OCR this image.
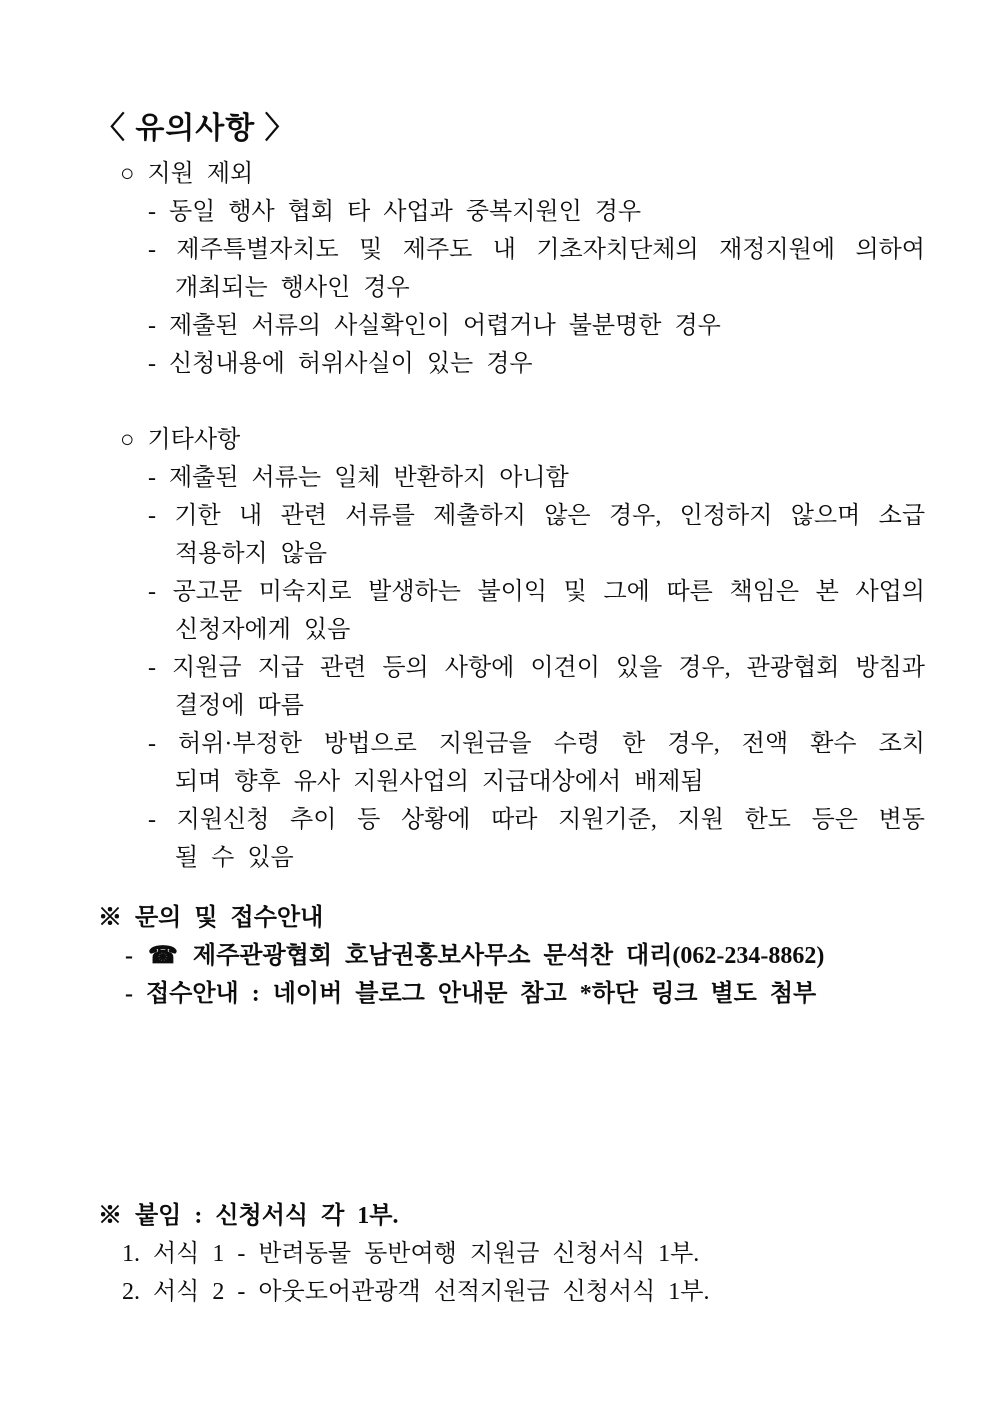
〈 유의사항 〉
○ 지원 제외
- 동일 행사 협회 타 사업과 중복지원인 경우
- 제주특별자치도 및 제주도 내 기초자치단체의 재정지원에 의하여
개최되는 행사인 경우
- 제출된 서류의 사실확인이 어렵거나 불분명한 경우
- 신청내용에 허위사실이 있는 경우
○ 기타사항
- 제출된 서류는 일체 반환하지 아니함
- 기한 내 관련 서류를 제출하지 않은 경우, 인정하지 않으며 소급
적용하지 않음
- 공고문 미숙지로 발생하는 불이익 및 그에 따른 책임은 본 사업의
신청자에게 있음
- 지원금 지급 관련 등의 사항에 이견이 있을 경우, 관광협회 방침과
결정에 따름
- 허위·부정한 방법으로 지원금을 수령 한 경우, 전액 환수 조치
되며 향후 유사 지원사업의 지급대상에서 배제됨
- 지원신청 추이 등 상황에 따라 지원기준, 지원 한도 등은 변동
될 수 있음
※ 문의 및 접수안내
- ☎ 제주관광협회 호남권홍보사무소 문석찬 대리(062-234-8862)
- 접수안내 : 네이버 블로그 안내문 참고 *하단 링크 별도 첨부
※ 붙임 : 신청서식 각 1부.
1. 서식 1 - 반려동물 동반여행 지원금 신청서식 1부.
2. 서식 2 - 아웃도어관광객 선적지원금 신청서식 1부.
